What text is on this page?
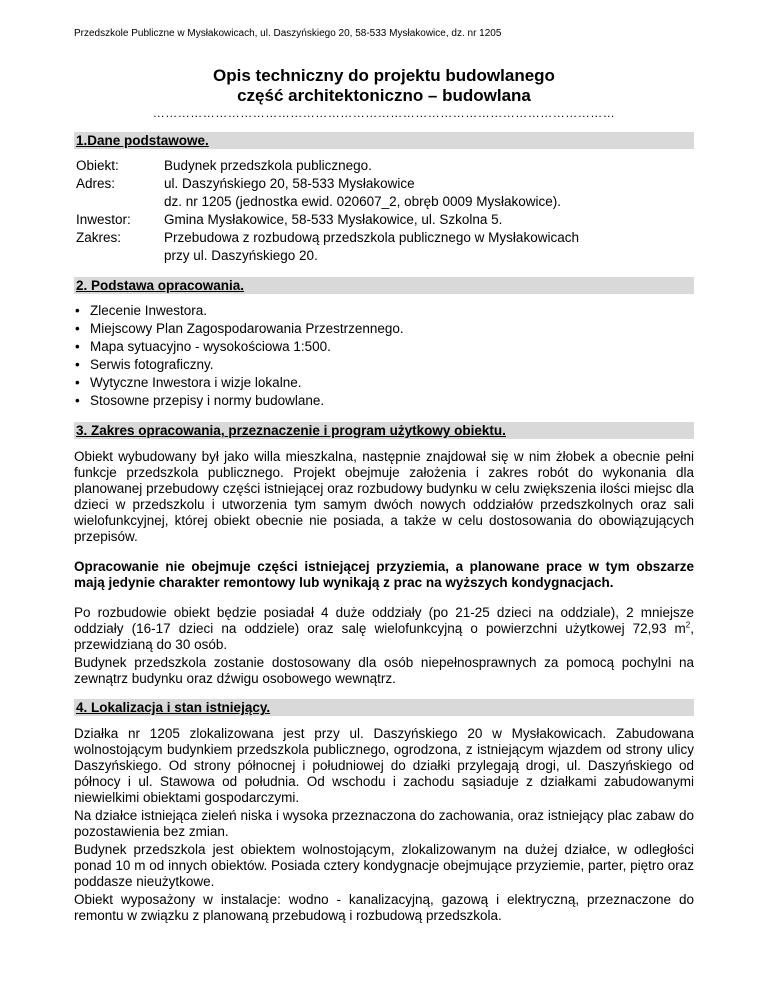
Przedszkole Publiczne w Mysłakowicach, ul. Daszyńskiego 20, 58-533 Mysłakowice, dz. nr 1205
Opis techniczny do projektu budowlanego
część architektoniczno – budowlana
…………………………………………………………………………………………………
1.Dane podstawowe.
Obiekt:	Budynek przedszkola publicznego.
Adres:	ul. Daszyńskiego 20, 58-533 Mysłakowice
dz. nr 1205 (jednostka ewid. 020607_2, obręb 0009 Mysłakowice).
Inwestor:	Gmina Mysłakowice, 58-533 Mysłakowice, ul. Szkolna 5.
Zakres:	Przebudowa z rozbudową przedszkola publicznego w Mysłakowicach
przy ul. Daszyńskiego 20.
2. Podstawa opracowania.
• Zlecenie Inwestora.
• Miejscowy Plan Zagospodarowania Przestrzennego.
• Mapa sytuacyjno - wysokościowa 1:500.
• Serwis fotograficzny.
• Wytyczne Inwestora i wizje lokalne.
• Stosowne przepisy i normy budowlane.
3. Zakres opracowania, przeznaczenie i program użytkowy obiektu.

Obiekt wybudowany był jako willa mieszkalna, następnie znajdował się w nim żłobek a obecnie pełni funkcje przedszkola publicznego. Projekt obejmuje założenia i zakres robót do wykonania dla planowanej przebudowy części istniejącej oraz rozbudowy budynku w celu zwiększenia ilości miejsc dla dzieci w przedszkolu i utworzenia tym samym dwóch nowych oddziałów przedszkolnych oraz sali wielofunkcyjnej, której obiekt obecnie nie posiada, a także w celu dostosowania do obowiązujących przepisów.

Opracowanie nie obejmuje części istniejącej przyziemia, a planowane prace w tym obszarze mają jedynie charakter remontowy lub wynikają z prac na wyższych kondygnacjach.

Po rozbudowie obiekt będzie posiadał 4 duże oddziały (po 21-25 dzieci na oddziale), 2 mniejsze oddziały (16-17 dzieci na oddziele) oraz salę wielofunkcyjną o powierzchni użytkowej 72,93 $m^2$, przewidzianą do 30 osób.

Budynek przedszkola zostanie dostosowany dla osób niepełnosprawnych za pomocą pochylni na zewnątrz budynku oraz dźwigu osobowego wewnątrz.

4. Lokalizacja i stan istniejący.

Działka nr 1205 zlokalizowana jest przy ul. Daszyńskiego 20 w Mysłakowicach. Zabudowana wolnostojącym budynkiem przedszkola publicznego, ogrodzona, z istniejącym wjazdem od strony ulicy Daszyńskiego. Od strony północnej i południowej do działki przylegają drogi, ul. Daszyńskiego od północy i ul. Stawowa od południa. Od wschodu i zachodu sąsiaduje z działkami zabudowanymi niewielkimi obiektami gospodarczymi.

Na działce istniejąca zieleń niska i wysoka przeznaczona do zachowania, oraz istniejący plac zabaw do pozostawienia bez zmian.

Budynek przedszkola jest obiektem wolnostojącym, zlokalizowanym na dużej działce, w odległości ponad 10 m od innych obiektów. Posiada cztery kondygnacje obejmujące przyziemie, parter, piętro oraz poddasze nieużytkowe.

Obiekt wyposażony w instalacje: wodno - kanalizacyjną, gazową i elektryczną, przeznaczone do remontu w związku z planowaną przebudową i rozbudową przedszkola.
